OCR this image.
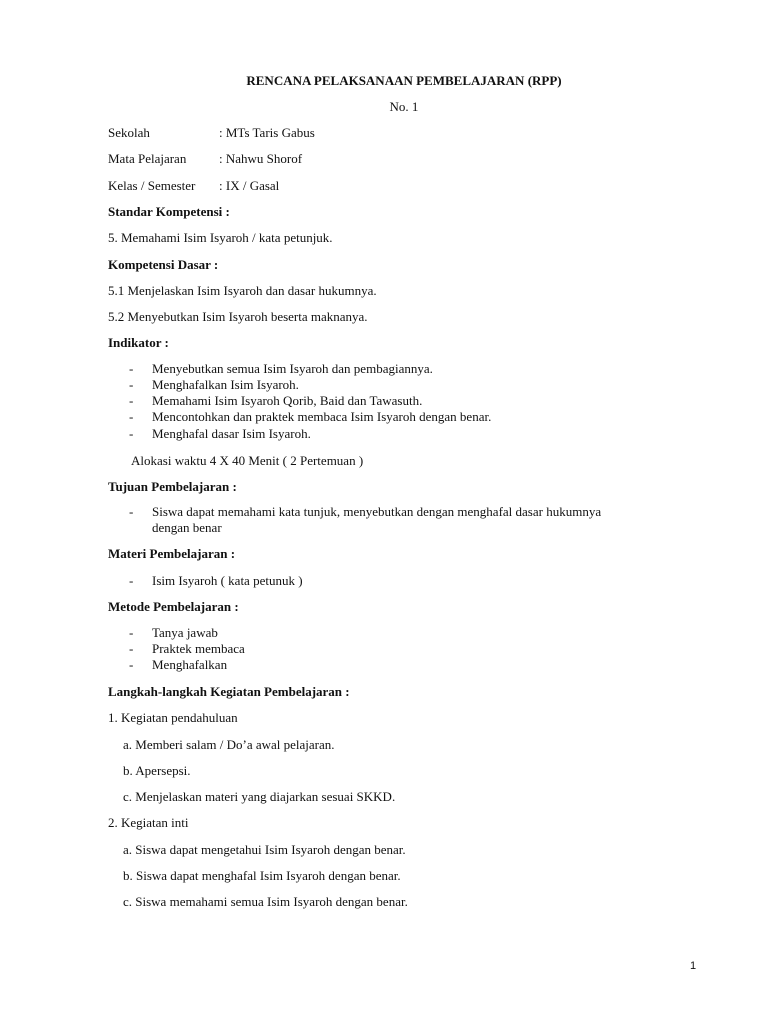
RENCANA PELAKSANAAN PEMBELAJARAN (RPP)
No. 1
Sekolah	: MTs Taris Gabus
Mata Pelajaran	: Nahwu Shorof
Kelas / Semester : IX / Gasal
Standar Kompetensi :
5. Memahami Isim Isyaroh / kata petunjuk.
Kompetensi Dasar :
5.1 Menjelaskan Isim Isyaroh dan dasar hukumnya.
5.2 Menyebutkan Isim Isyaroh beserta maknanya.
Indikator :
- Menyebutkan semua Isim Isyaroh dan pembagiannya.
- Menghafalkan Isim Isyaroh.
- Memahami Isim Isyaroh Qorib, Baid dan Tawasuth.
- Mencontohkan dan praktek membaca Isim Isyaroh dengan benar.
- Menghafal dasar Isim Isyaroh.
Alokasi waktu 4 X 40 Menit ( 2 Pertemuan )
Tujuan Pembelajaran :
- Siswa dapat memahami kata tunjuk, menyebutkan dengan menghafal dasar hukumnya
dengan benar
Materi Pembelajaran :
- Isim Isyaroh ( kata petunuk )
Metode Pembelajaran :
- Tanya jawab
- Praktek membaca
- Menghafalkan
Langkah-langkah Kegiatan Pembelajaran :
1. Kegiatan pendahuluan
a. Memberi salam / Do’a awal pelajaran.
b. Apersepsi.
c. Menjelaskan materi yang diajarkan sesuai SKKD.
2. Kegiatan inti
a. Siswa dapat mengetahui Isim Isyaroh dengan benar.
b. Siswa dapat menghafal Isim Isyaroh dengan benar.
c. Siswa memahami semua Isim Isyaroh dengan benar.
1
